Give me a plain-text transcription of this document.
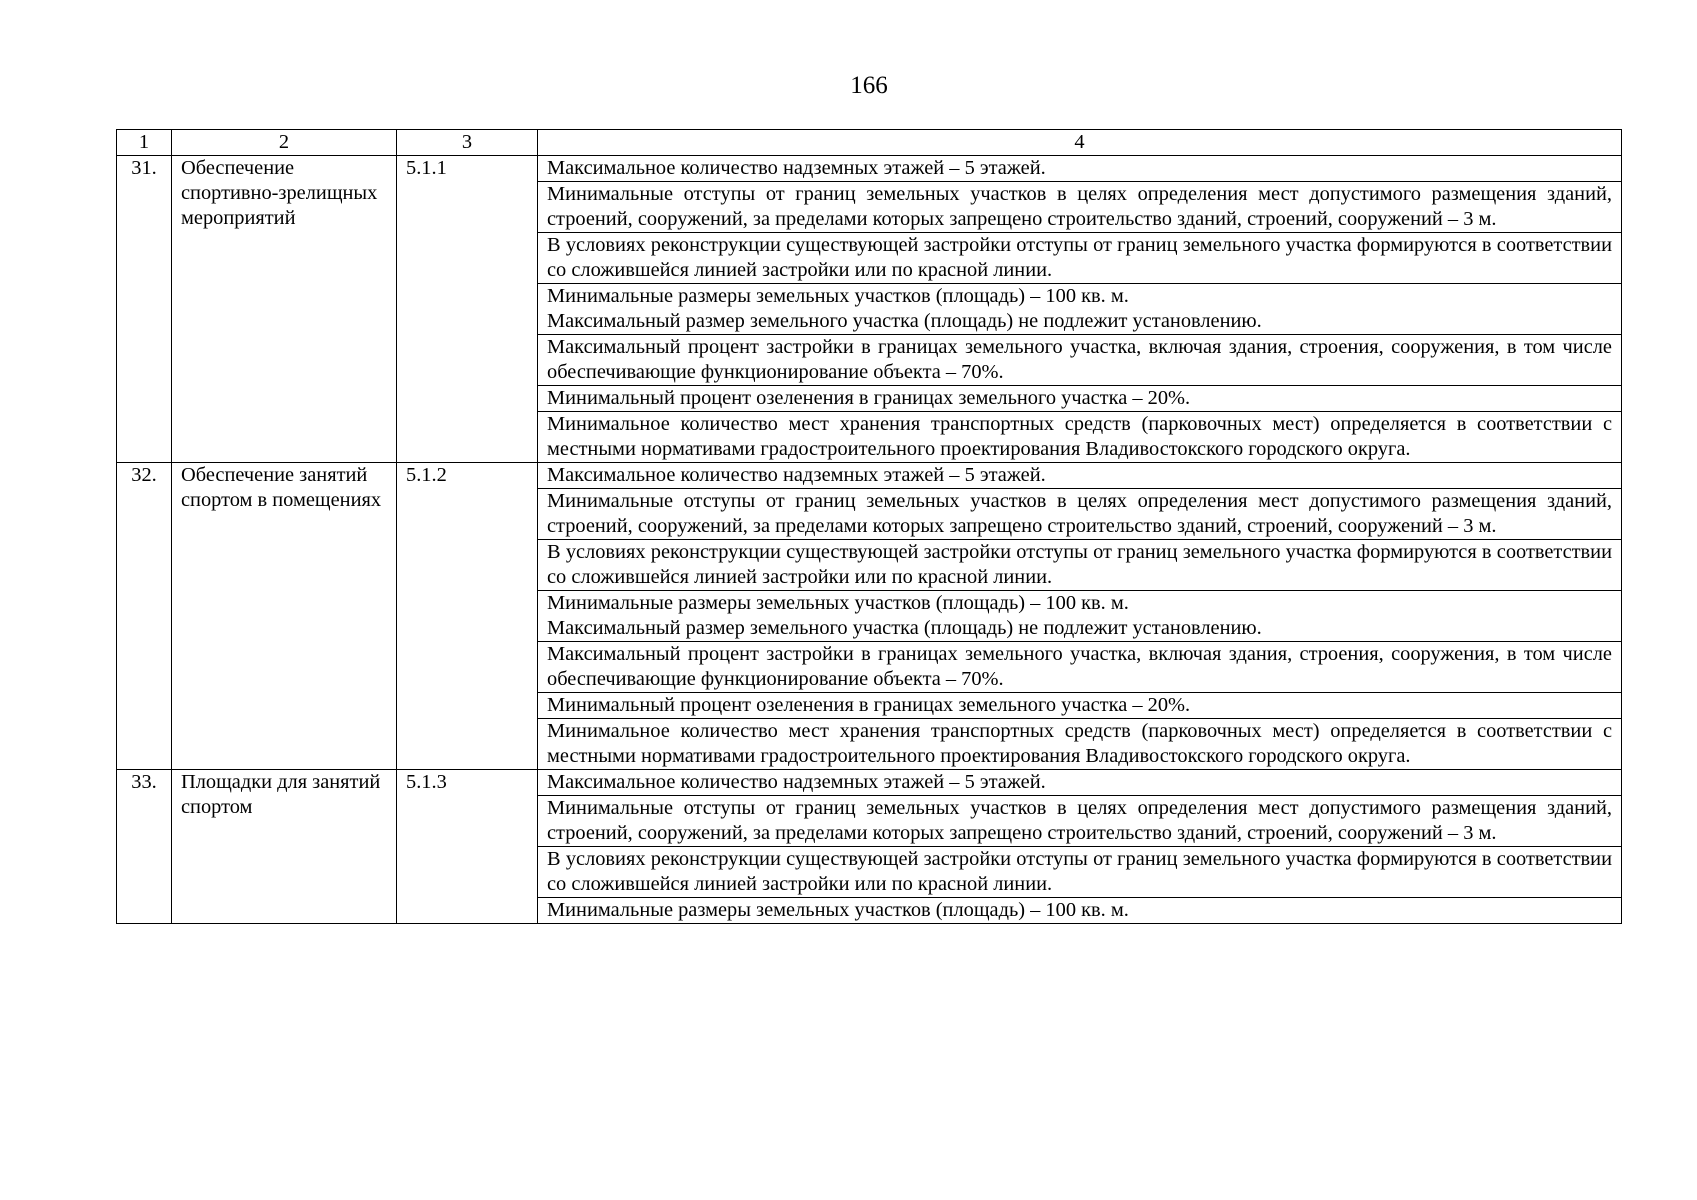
166
1	2	3	4
31.	Обеспечение спортивно-зрелищных мероприятий	5.1.1	Максимальное количество надземных этажей – 5 этажей.

			Минимальные отступы от границ земельных участков в целях определения мест допустимого размещения зданий, строений, сооружений, за пределами которых запрещено строительство зданий, строений, сооружений – 3 м.

			В условиях реконструкции существующей застройки отступы от границ земельного участка формируются в соответствии со сложившейся линией застройки или по красной линии.

			Минимальные размеры земельных участков (площадь) – 100 кв. м.
Максимальный размер земельного участка (площадь) не подлежит установлению.

			Максимальный процент застройки в границах земельного участка, включая здания, строения, сооружения, в том числе обеспечивающие функционирование объекта – 70%.

			Минимальный процент озеленения в границах земельного участка – 20%.

			Минимальное количество мест хранения транспортных средств (парковочных мест) определяется в соответствии с местными нормативами градостроительного проектирования Владивостокского городского округа.

32.	Обеспечение занятий спортом в помещениях	5.1.2	Максимальное количество надземных этажей – 5 этажей.

			Минимальные отступы от границ земельных участков в целях определения мест допустимого размещения зданий, строений, сооружений, за пределами которых запрещено строительство зданий, строений, сооружений – 3 м.

			В условиях реконструкции существующей застройки отступы от границ земельного участка формируются в соответствии со сложившейся линией застройки или по красной линии.

			Минимальные размеры земельных участков (площадь) – 100 кв. м.
Максимальный размер земельного участка (площадь) не подлежит установлению.

			Максимальный процент застройки в границах земельного участка, включая здания, строения, сооружения, в том числе обеспечивающие функционирование объекта – 70%.

			Минимальный процент озеленения в границах земельного участка – 20%.

			Минимальное количество мест хранения транспортных средств (парковочных мест) определяется в соответствии с местными нормативами градостроительного проектирования Владивостокского городского округа.

33.	Площадки для занятий спортом	5.1.3	Максимальное количество надземных этажей – 5 этажей.

			Минимальные отступы от границ земельных участков в целях определения мест допустимого размещения зданий, строений, сооружений, за пределами которых запрещено строительство зданий, строений, сооружений – 3 м.

			В условиях реконструкции существующей застройки отступы от границ земельного участка формируются в соответствии со сложившейся линией застройки или по красной линии.

			Минимальные размеры земельных участков (площадь) – 100 кв. м.
